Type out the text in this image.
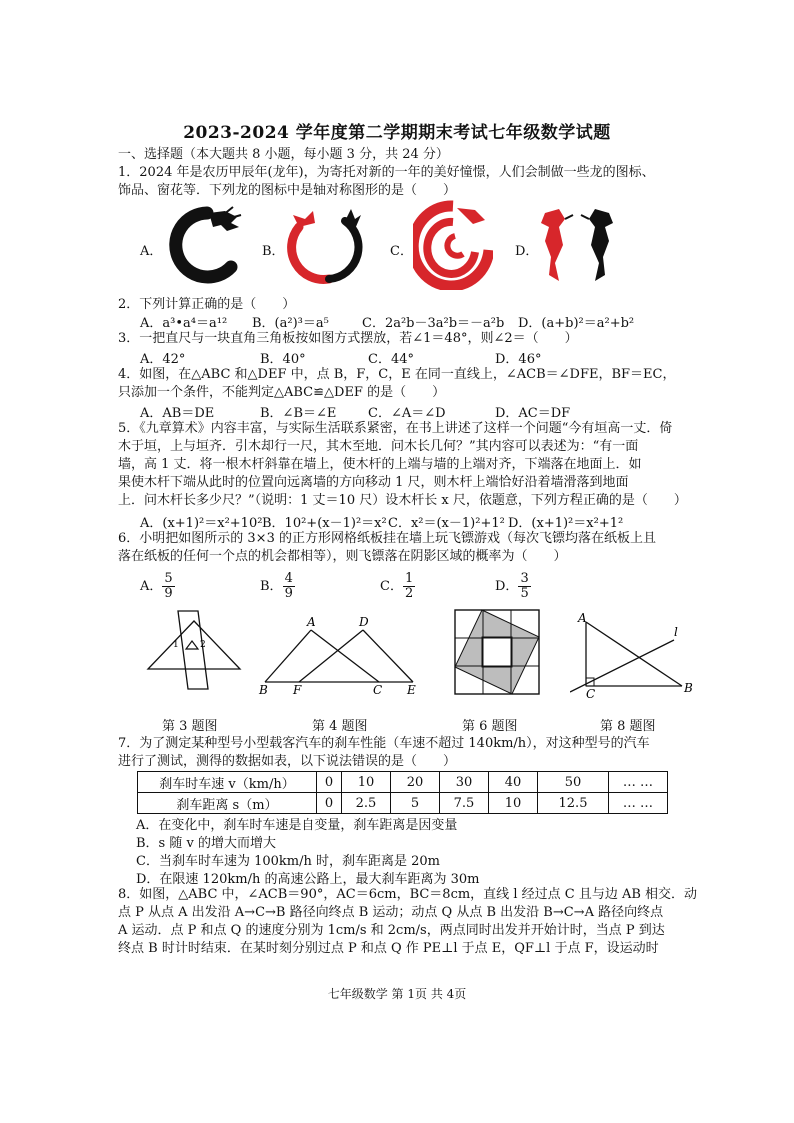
2023-2024 学年度第二学期期末考试七年级数学试题
一、选择题（本大题共 8 小题，每小题 3 分，共 24 分）
1．2024 年是农历甲辰年(龙年)，为寄托对新的一年的美好憧憬，人们会制做一些龙的图标、
饰品、窗花等．下列龙的图标中是轴对称图形的是（　　）
A．	B．	C．	D．
2．下列计算正确的是（　　）
A．a³•a⁴＝a¹² B．(a²)³＝a⁵	C．2a²b－3a²b＝－a²b D．(a+b)²＝a²+b²
3．一把直尺与一块直角三角板按如图方式摆放，若∠1＝48°，则∠2＝（　　）
A．42°	B．40°	C．44°	D．46°
4．如图，在△ABC 和△DEF 中，点 B，F，C，E 在同一直线上，∠ACB＝∠DFE，BF＝EC，
只添加一个条件，不能判定△ABC≌△DEF 的是（　　）
A．AB＝DE	B．∠B＝∠E C．∠A＝∠D	D．AC＝DF
5．《九章算术》内容丰富，与实际生活联系紧密，在书上讲述了这样一个问题“今有垣高一丈．倚
木于垣，上与垣齐．引木却行一尺，其木至地．问木长几何？”其内容可以表述为：“有一面
墙，高 1 丈．将一根木杆斜靠在墙上，使木杆的上端与墙的上端对齐，下端落在地面上．如
果使木杆下端从此时的位置向远离墙的方向移动 1 尺，则木杆上端恰好沿着墙滑落到地面
上．问木杆长多少尺？”（说明：1 丈＝10 尺）设木杆长 x 尺，依题意，下列方程正确的是（　　）
A．(x+1)²＝x²+10² B．10²+(x－1)²＝x² C．x²＝(x－1)²+1² D．(x+1)²＝x²+1²
6．小明把如图所示的 3×3 的正方形网格纸板挂在墙上玩飞镖游戏（每次飞镖均落在纸板上且
落在纸板的任何一个点的机会都相等），则飞镖落在阴影区域的概率为（　　）
A． $\frac{5}{9}$	B． $\frac{4}{9}$	C． $\frac{1}{2}$	D． $\frac{3}{5}$
1 2
A	D
B F	C E
A
l
C	B
第 3 题图	第 4 题图	第 6 题图	第 8 题图
7．为了测定某种型号小型载客汽车的刹车性能（车速不超过 140km/h），对这种型号的汽车
进行了测试，测得的数据如表，以下说法错误的是（　　）
刹车时车速 v（km/h）	0	10	20	30	40	50	… …
刹车距离 s（m）	0	2.5	5	7.5	10	12.5	… …
A．在变化中，刹车时车速是自变量，刹车距离是因变量
B．s 随 v 的增大而增大
C．当刹车时车速为 100km/h 时，刹车距离是 20m
D．在限速 120km/h 的高速公路上，最大刹车距离为 30m
8．如图，△ABC 中，∠ACB＝90°，AC＝6cm，BC＝8cm，直线 l 经过点 C 且与边 AB 相交．动
点 P 从点 A 出发沿 A→C→B 路径向终点 B 运动；动点 Q 从点 B 出发沿 B→C→A 路径向终点
A 运动．点 P 和点 Q 的速度分别为 1cm/s 和 2cm/s，两点同时出发并开始计时，当点 P 到达
终点 B 时计时结束．在某时刻分别过点 P 和点 Q 作 PE⊥l 于点 E，QF⊥l 于点 F，设运动时
七年级数学 第 1页 共 4页
